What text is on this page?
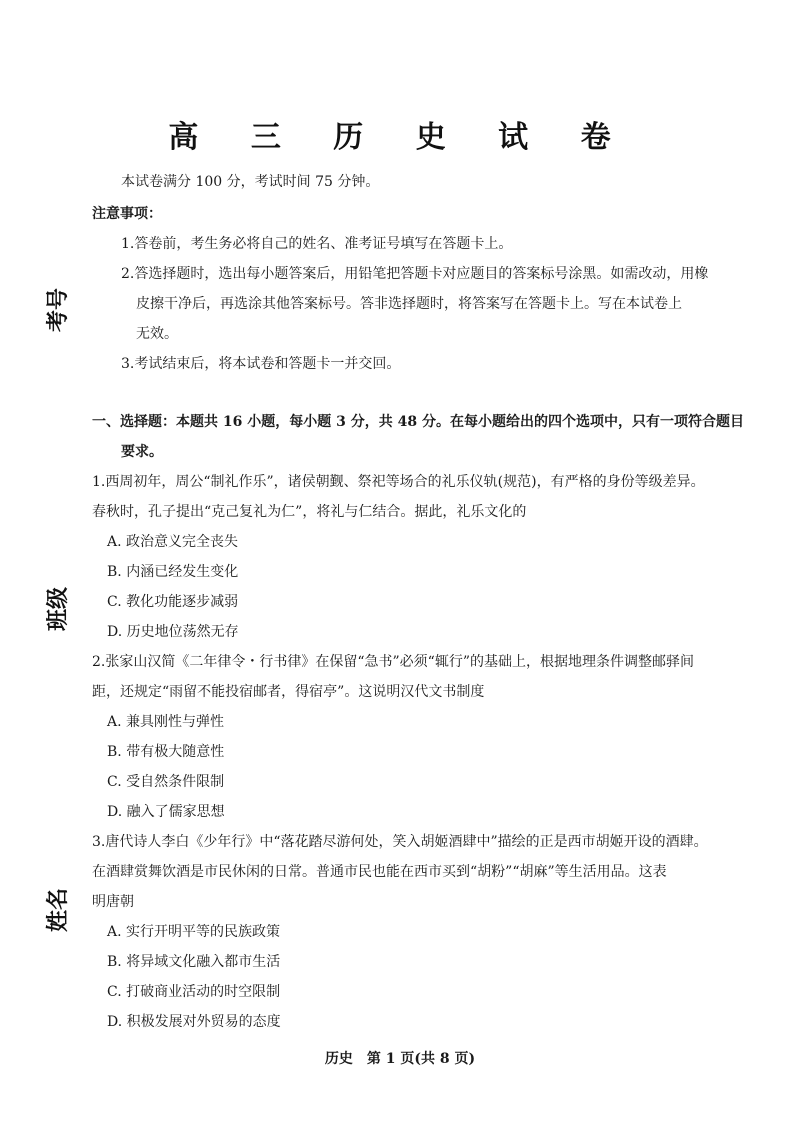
高 三 历 史 试 卷
本试卷满分 100 分，考试时间 75 分钟。
注意事项：
1.答卷前，考生务必将自己的姓名、准考证号填写在答题卡上。
2.答选择题时，选出每小题答案后，用铅笔把答题卡对应题目的答案标号涂黑。如需改动，用橡
皮擦干净后，再选涂其他答案标号。答非选择题时，将答案写在答题卡上。写在本试卷上
无效。
3.考试结束后，将本试卷和答题卡一并交回。
考号
班级
姓名
一、选择题：本题共 16 小题，每小题 3 分，共 48 分。在每小题给出的四个选项中，只有一项符合题目
要求。
1.西周初年，周公“制礼作乐”，诸侯朝觐、祭祀等场合的礼乐仪轨(规范)，有严格的身份等级差异。
春秋时，孔子提出“克己复礼为仁”，将礼与仁结合。据此，礼乐文化的
A. 政治意义完全丧失
B. 内涵已经发生变化
C. 教化功能逐步减弱
D. 历史地位荡然无存
2.张家山汉简《二年律令・行书律》在保留“急书”必须“辄行”的基础上，根据地理条件调整邮驿间
距，还规定“雨留不能投宿邮者，得宿亭”。这说明汉代文书制度
A. 兼具刚性与弹性
B. 带有极大随意性
C. 受自然条件限制
D. 融入了儒家思想
3.唐代诗人李白《少年行》中“落花踏尽游何处，笑入胡姬酒肆中”描绘的正是西市胡姬开设的酒肆。
在酒肆赏舞饮酒是市民休闲的日常。普通市民也能在西市买到“胡粉”“胡麻”等生活用品。这表
明唐朝
A. 实行开明平等的民族政策
B. 将异域文化融入都市生活
C. 打破商业活动的时空限制
D. 积极发展对外贸易的态度
历史　第 1 页(共 8 页)
